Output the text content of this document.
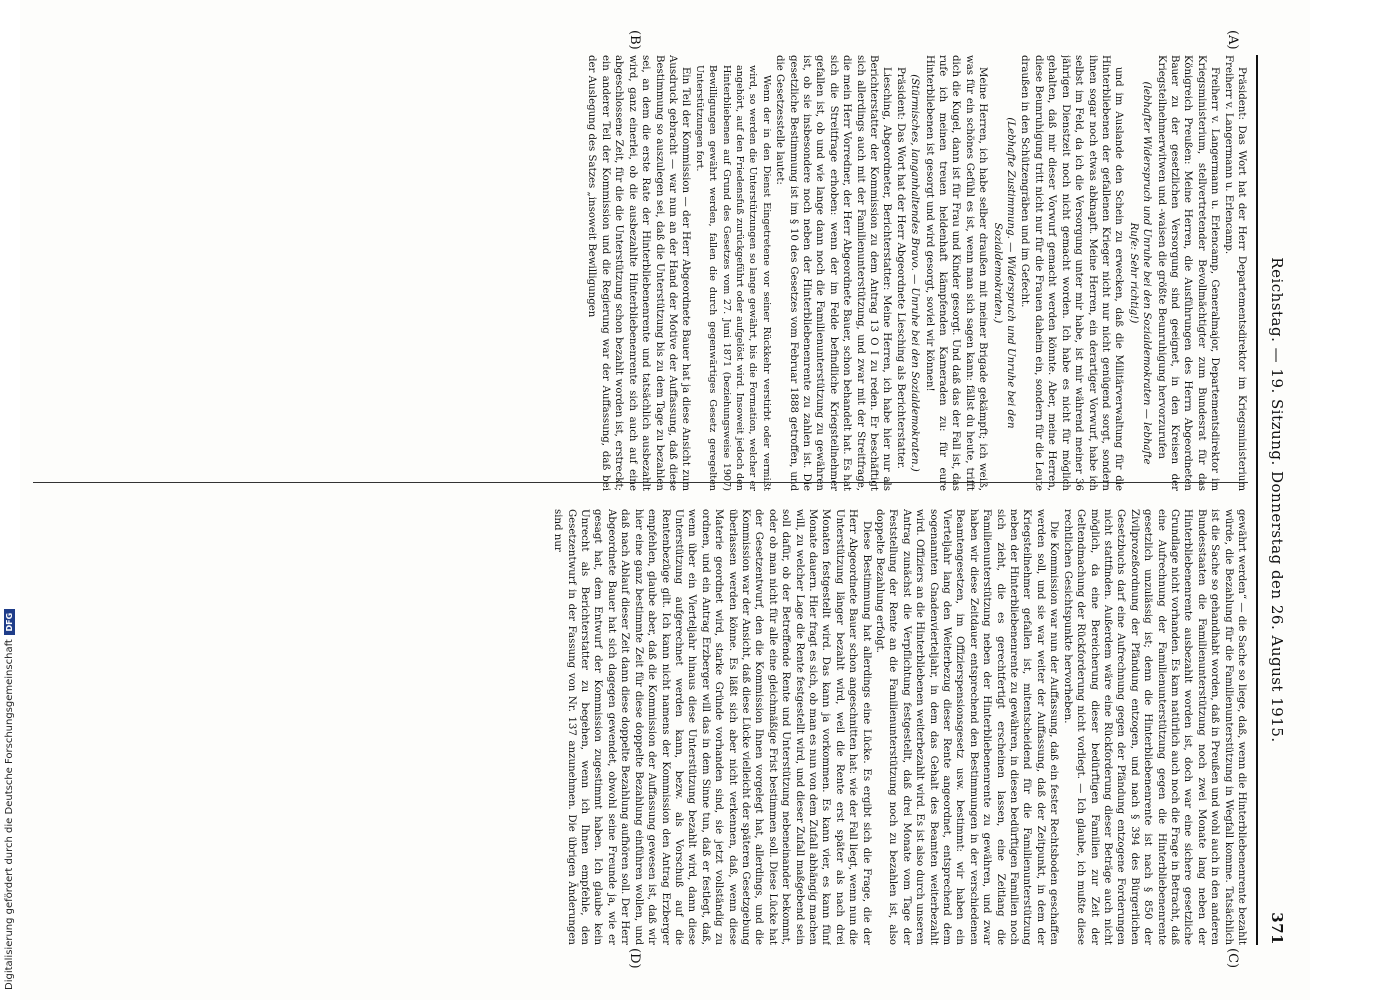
Reichstag. — 19. Sitzung. Donnerstag den 26. August 1915.
371
(A)
(B)
(C)
(D)

Präsident: Das Wort hat der Herr Departementsdirektor im Kriegsministerium Freiherr v. Langermann u. Erlencamp.

Freiherr v. Langermann u. Erlencamp, Generalmajor, Departementsdirektor im Kriegsministerium, stellvertretender Bevollmächtigter zum Bundesrat für das Königreich Preußen: Meine Herren, die Ausführungen des Herrn Abgeordneten Bauer zu der gesetzlichen Versorgung sind geeignet, in den Kreisen der Kriegsteilnehmerwitwen und -waisen die größte Beunruhigung hervorzurufen

(lebhafter Widerspruch und Unruhe bei den Sozialdemokraten — lebhafte Rufe: Sehr richtig!)

und im Auslande den Schein zu erwecken, daß die Militärverwaltung für die Hinterbliebenen der gefallenen Krieger nicht nur nicht genügend sorgt, sondern ihnen sogar noch etwas abknapft. Meine Herren, ein derartiger Vorwurf, habe ich selbst im Feld, da ich die Versorgung unter mir habe, ist mir während meiner 36 jährigen Dienstzeit noch nicht gemacht worden. Ich habe es nicht für möglich gehalten, daß mir dieser Vorwurf gemacht werden könnte. Aber, meine Herren, diese Beunruhigung tritt nicht nur für die Frauen daheim ein, sondern für die Leute draußen in den Schützengräben und im Gefecht.

(Lebhafte Zustimmung. — Widerspruch und Unruhe bei den Sozialdemokraten.)

Meine Herren, ich habe selber draußen mit meiner Brigade gekämpft; ich weiß, was für ein schönes Gefühl es ist, wenn man sich sagen kann: fällst du heute, trifft dich die Kugel, dann ist für Frau und Kinder gesorgt. Und daß das der Fall ist, das rufe ich meinen treuen heldenhaft kämpfenden Kameraden zu: für eure Hinterbliebenen ist gesorgt und wird gesorgt, soviel wir können!

(Stürmisches, langanhaltendes Bravo. — Unruhe bei den Sozialdemokraten.)

Präsident: Das Wort hat der Herr Abgeordnete Liesching als Berichterstatter.

Liesching, Abgeordneter, Berichterstatter: Meine Herren, ich habe hier nur als Berichterstatter der Kommission zu dem Antrag 13 O I zu reden. Er beschäftigt sich allerdings auch mit der Familienunterstützung, und zwar mit der Streitfrage, die mein Herr Vorredner, der Herr Abgeordnete Bauer, schon behandelt hat. Es hat sich die Streitfrage erhoben: wenn der im Felde befindliche Kriegsteilnehmer gefallen ist, ob und wie lange dann noch die Familienunterstützung zu gewähren ist, ob sie insbesondere noch neben der Hinterbliebenenrente zu zahlen ist. Die gesetzliche Bestimmung ist im § 10 des Gesetzes vom Februar 1888 getroffen, und die Gesetzesstelle lautet:

Wenn der in den Dienst Eingetretene vor seiner Rückkehr verstirbt oder vermißt wird, so werden die Unterstützungen so lange gewährt, bis die Formation, welcher er angehört, auf den Friedensfuß zurückgeführt oder aufgelöst wird. Insoweit jedoch den Hinterbliebenen auf Grund des Gesetzes vom 27. Juni 1871 (beziehungsweise 1907) Bewilligungen gewährt werden, fallen die durch gegenwärtiges Gesetz geregelten Unterstützungen fort.

Ein Teil der Kommission — der Herr Abgeordnete Bauer hat ja diese Ansicht zum Ausdruck gebracht — war nun an der Hand der Motive der Auffassung, daß diese Bestimmung so auszulegen sei, daß die Unterstützung bis zu dem Tage zu bezahlen sei, an dem die erste Rate der Hinterbliebenenrente und tatsächlich ausbezahlt wird, ganz einerlei, ob die ausbezahlte Hinterbliebenenrente sich auch auf eine abgeschlossene Zeit, für die die Unterstützung schon bezahlt worden ist, erstreckt; ein anderer Teil der Kommission und die Regierung war der Auffassung, daß bei der Auslegung des Satzes „insoweit Bewilligungen

gewährt werden“ — die Sache so liege, daß, wenn die Hinterbliebenenrente bezahlt würde, die Bezahlung für die Familienunterstützung in Wegfall komme. Tatsächlich ist die Sache so gehandhabt worden, daß in Preußen und wohl auch in den anderen Bundesstaaten die Familienunterstützung noch zwei Monate lang neben der Hinterbliebenenrente ausbezahlt worden ist, doch war eine sichere gesetzliche Grundlage nicht vorhanden. Es kam natürlich auch noch die Frage in Betracht, daß eine Aufrechnung der Familienunterstützung gegen die Hinterbliebenenrente gesetzlich unzulässig ist; denn die Hinterbliebenenrente ist nach § 850 der Zivilprozeßordnung der Pfändung entzogen, und nach § 394 des Bürgerlichen Gesetzbuchs darf eine Aufrechnung gegen der Pfändung entzogene Forderungen nicht stattfinden. Außerdem wäre eine Rückforderung dieser Beträge auch nicht möglich, da eine Bereicherung dieser bedürftigen Familien zur Zeit der Geltendmachung der Rückforderung nicht vorliegt. — Ich glaube, ich mußte diese rechtlichen Gesichtspunkte hervorheben.

Die Kommission war nun der Auffassung, daß ein fester Rechtsboden geschaffen werden soll, und sie war weiter der Auffassung, daß der Zeitpunkt, in dem der Kriegsteilnehmer gefallen ist, mitentscheidend für die Familienunterstützung neben der Hinterbliebenenrente zu gewähren, in diesen bedürftigen Familien noch sich zieht, die es gerechtfertigt erscheinen lassen, eine Zeitlang die Familienunterstützung neben der Hinterbliebenenrente zu gewähren, und zwar haben wir diese Zeitdauer entsprechend den Bestimmungen in der verschiedenen Beamtengesetzen, im Offizierspensionsgesetz usw. bestimmt: wir haben ein Vierteljahr lang den Weiterbezug dieser Rente angeordnet, entsprechend dem sogenannten Gnadenvierteljahr, in dem das Gehalt des Beamten weiterbezahlt wird. Offiziers an die Hinterbliebenen weiterbezahlt wird. Es ist also durch unseren Antrag zunächst die Verpflichtung festgestellt, daß drei Monate vom Tage der Feststellung der Rente an die Familienunterstützung noch zu bezahlen ist, also doppelte Bezahlung erfolgt.

Diese Bestimmung hat allerdings eine Lücke. Es ergibt sich die Frage, die der Herr Abgeordnete Bauer schon angeschnitten hat: wie der Fall liegt, wenn nun die Unterstützung länger bezahlt wird, weil die Rente erst später als nach drei Monaten festgestellt wird. Das kann ja vorkommen. Es kann vier, es kann fünf Monate dauern. Hier fragt es sich, ob man es nun von dem Zufall abhängig machen will, zu welcher Lage die Rente festgestellt wird, und dieser Zufall maßgebend sein soll dafür, ob der Betreffende Rente und Unterstützung nebeneinander bekommt, oder ob man nicht für alle eine gleichmäßige Frist bestimmen soll. Diese Lücke hat der Gesetzentwurf, den die Kommission Ihnen vorgelegt hat, allerdings, und die Kommission war der Ansicht, daß diese Lücke vielleicht der späteren Gesetzgebung überlassen werden könne. Es läßt sich aber nicht verkennen, daß, wenn diese Materie geordnet wird, starke Gründe vorhanden sind, sie jetzt vollständig zu ordnen, und ein Antrag Erzberger will das in dem Sinne tun, daß er festlegt, daß, wenn über ein Vierteljahr hinaus diese Unterstützung bezahlt wird, dann diese Unterstützung aufgerechnet werden kann, bezw. als Vorschuß auf die Rentenbezüge gilt. Ich kann nicht namens der Kommission den Antrag Erzberger empfehlen, glaube aber, daß die Kommission der Auffassung gewesen ist, daß wir hier eine ganz bestimmte Zeit für diese doppelte Bezahlung einführen wollen, und daß nach Ablauf dieser Zeit dann diese doppelte Bezahlung aufhören soll. Der Herr Abgeordnete Bauer hat sich dagegen gewendet, obwohl seine Freunde ja, wie er gesagt hat, dem Entwurf der Kommission zugestimmt haben. Ich glaube kein Unrecht als Berichterstatter zu begehen, wenn ich Ihnen empfehle, den Gesetzentwurf in der Fassung von Nr. 137 anzunehmen. Die übrigen Änderungen sind nur

Digitalisierung gefördert durch die Deutsche Forschungsgemeinschaft
DFG
